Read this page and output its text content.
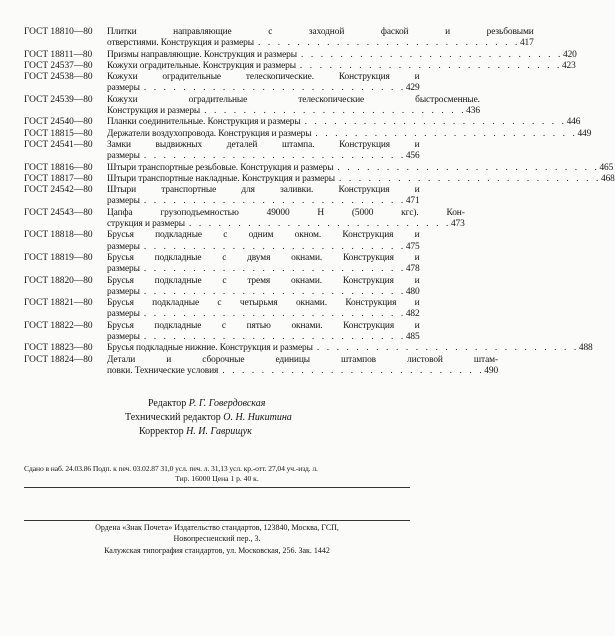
ГОСТ 18810—80	Плитки направляющие с заходной фаской и резьбовыми
отверстиями. Конструкция и размеры . . . . . . . . . . . . . . . . . . . . . . . . . . . 417
ГОСТ 18811—80	Призмы направляющие. Конструкция и размеры . . . . . . . . . . . . . . . . . . . . . . . . . . . 420
ГОСТ 24537—80	Кожухи оградительные. Конструкция и размеры . . . . . . . . . . . . . . . . . . . . . . . . . . . 423
ГОСТ 24538—80	Кожухи оградительные телескопические. Конструкция и
размеры . . . . . . . . . . . . . . . . . . . . . . . . . . . 429
ГОСТ 24539—80	Кожухи оградительные телескопические быстросменные.
Конструкция и размеры . . . . . . . . . . . . . . . . . . . . . . . . . . . 436
ГОСТ 24540—80	Планки соединительные. Конструкция и размеры . . . . . . . . . . . . . . . . . . . . . . . . . . . 446
ГОСТ 18815—80	Держатели воздухопровода. Конструкция и размеры . . . . . . . . . . . . . . . . . . . . . . . . . . . 449
ГОСТ 24541—80	Замки выдвижных деталей штампа. Конструкция и
размеры . . . . . . . . . . . . . . . . . . . . . . . . . . . 456
ГОСТ 18816—80	Штыри транспортные резьбовые. Конструкция и размеры . . . . . . . . . . . . . . . . . . . . . . . . . . . 465
ГОСТ 18817—80	Штыри транспортные накладные. Конструкция и размеры . . . . . . . . . . . . . . . . . . . . . . . . . . . 468
ГОСТ 24542—80	Штыри транспортные для заливки. Конструкция и
размеры . . . . . . . . . . . . . . . . . . . . . . . . . . . 471
ГОСТ 24543—80	Цапфа грузоподъемностью 49000 Н (5000 кгс). Кон-
струкция и размеры . . . . . . . . . . . . . . . . . . . . . . . . . . . 473
ГОСТ 18818—80	Брусья подкладные с одним окном. Конструкция и
размеры . . . . . . . . . . . . . . . . . . . . . . . . . . . 475
ГОСТ 18819—80	Брусья подкладные с двумя окнами. Конструкция и
размеры . . . . . . . . . . . . . . . . . . . . . . . . . . . 478
ГОСТ 18820—80	Брусья подкладные с тремя окнами. Конструкция и
размеры . . . . . . . . . . . . . . . . . . . . . . . . . . . 480
ГОСТ 18821—80	Брусья подкладные с четырьмя окнами. Конструкция и
размеры . . . . . . . . . . . . . . . . . . . . . . . . . . . 482
ГОСТ 18822—80	Брусья подкладные с пятью окнами. Конструкция и
размеры . . . . . . . . . . . . . . . . . . . . . . . . . . . 485
ГОСТ 18823—80	Брусья подкладные нижние. Конструкция и размеры . . . . . . . . . . . . . . . . . . . . . . . . . . . 488
ГОСТ 18824—80	Детали и сборочные единицы штампов листовой штам-
повки. Технические условия . . . . . . . . . . . . . . . . . . . . . . . . . . . 490
Редактор Р. Г. Говердовская
Технический редактор О. Н. Никитина
Корректор Н. И. Гаврищук
Сдано в наб. 24.03.86 Подп. к печ. 03.02.87 31,0 усл. печ. л. 31,13 усл. кр.-отт. 27,04 уч.-изд. л.
Тир. 16000 Цена 1 р. 40 к.
Ордена «Знак Почета» Издательство стандартов, 123840, Москва, ГСП,
Новопресненский пер., 3.
Калужская типография стандартов, ул. Московская, 256. Зак. 1442
